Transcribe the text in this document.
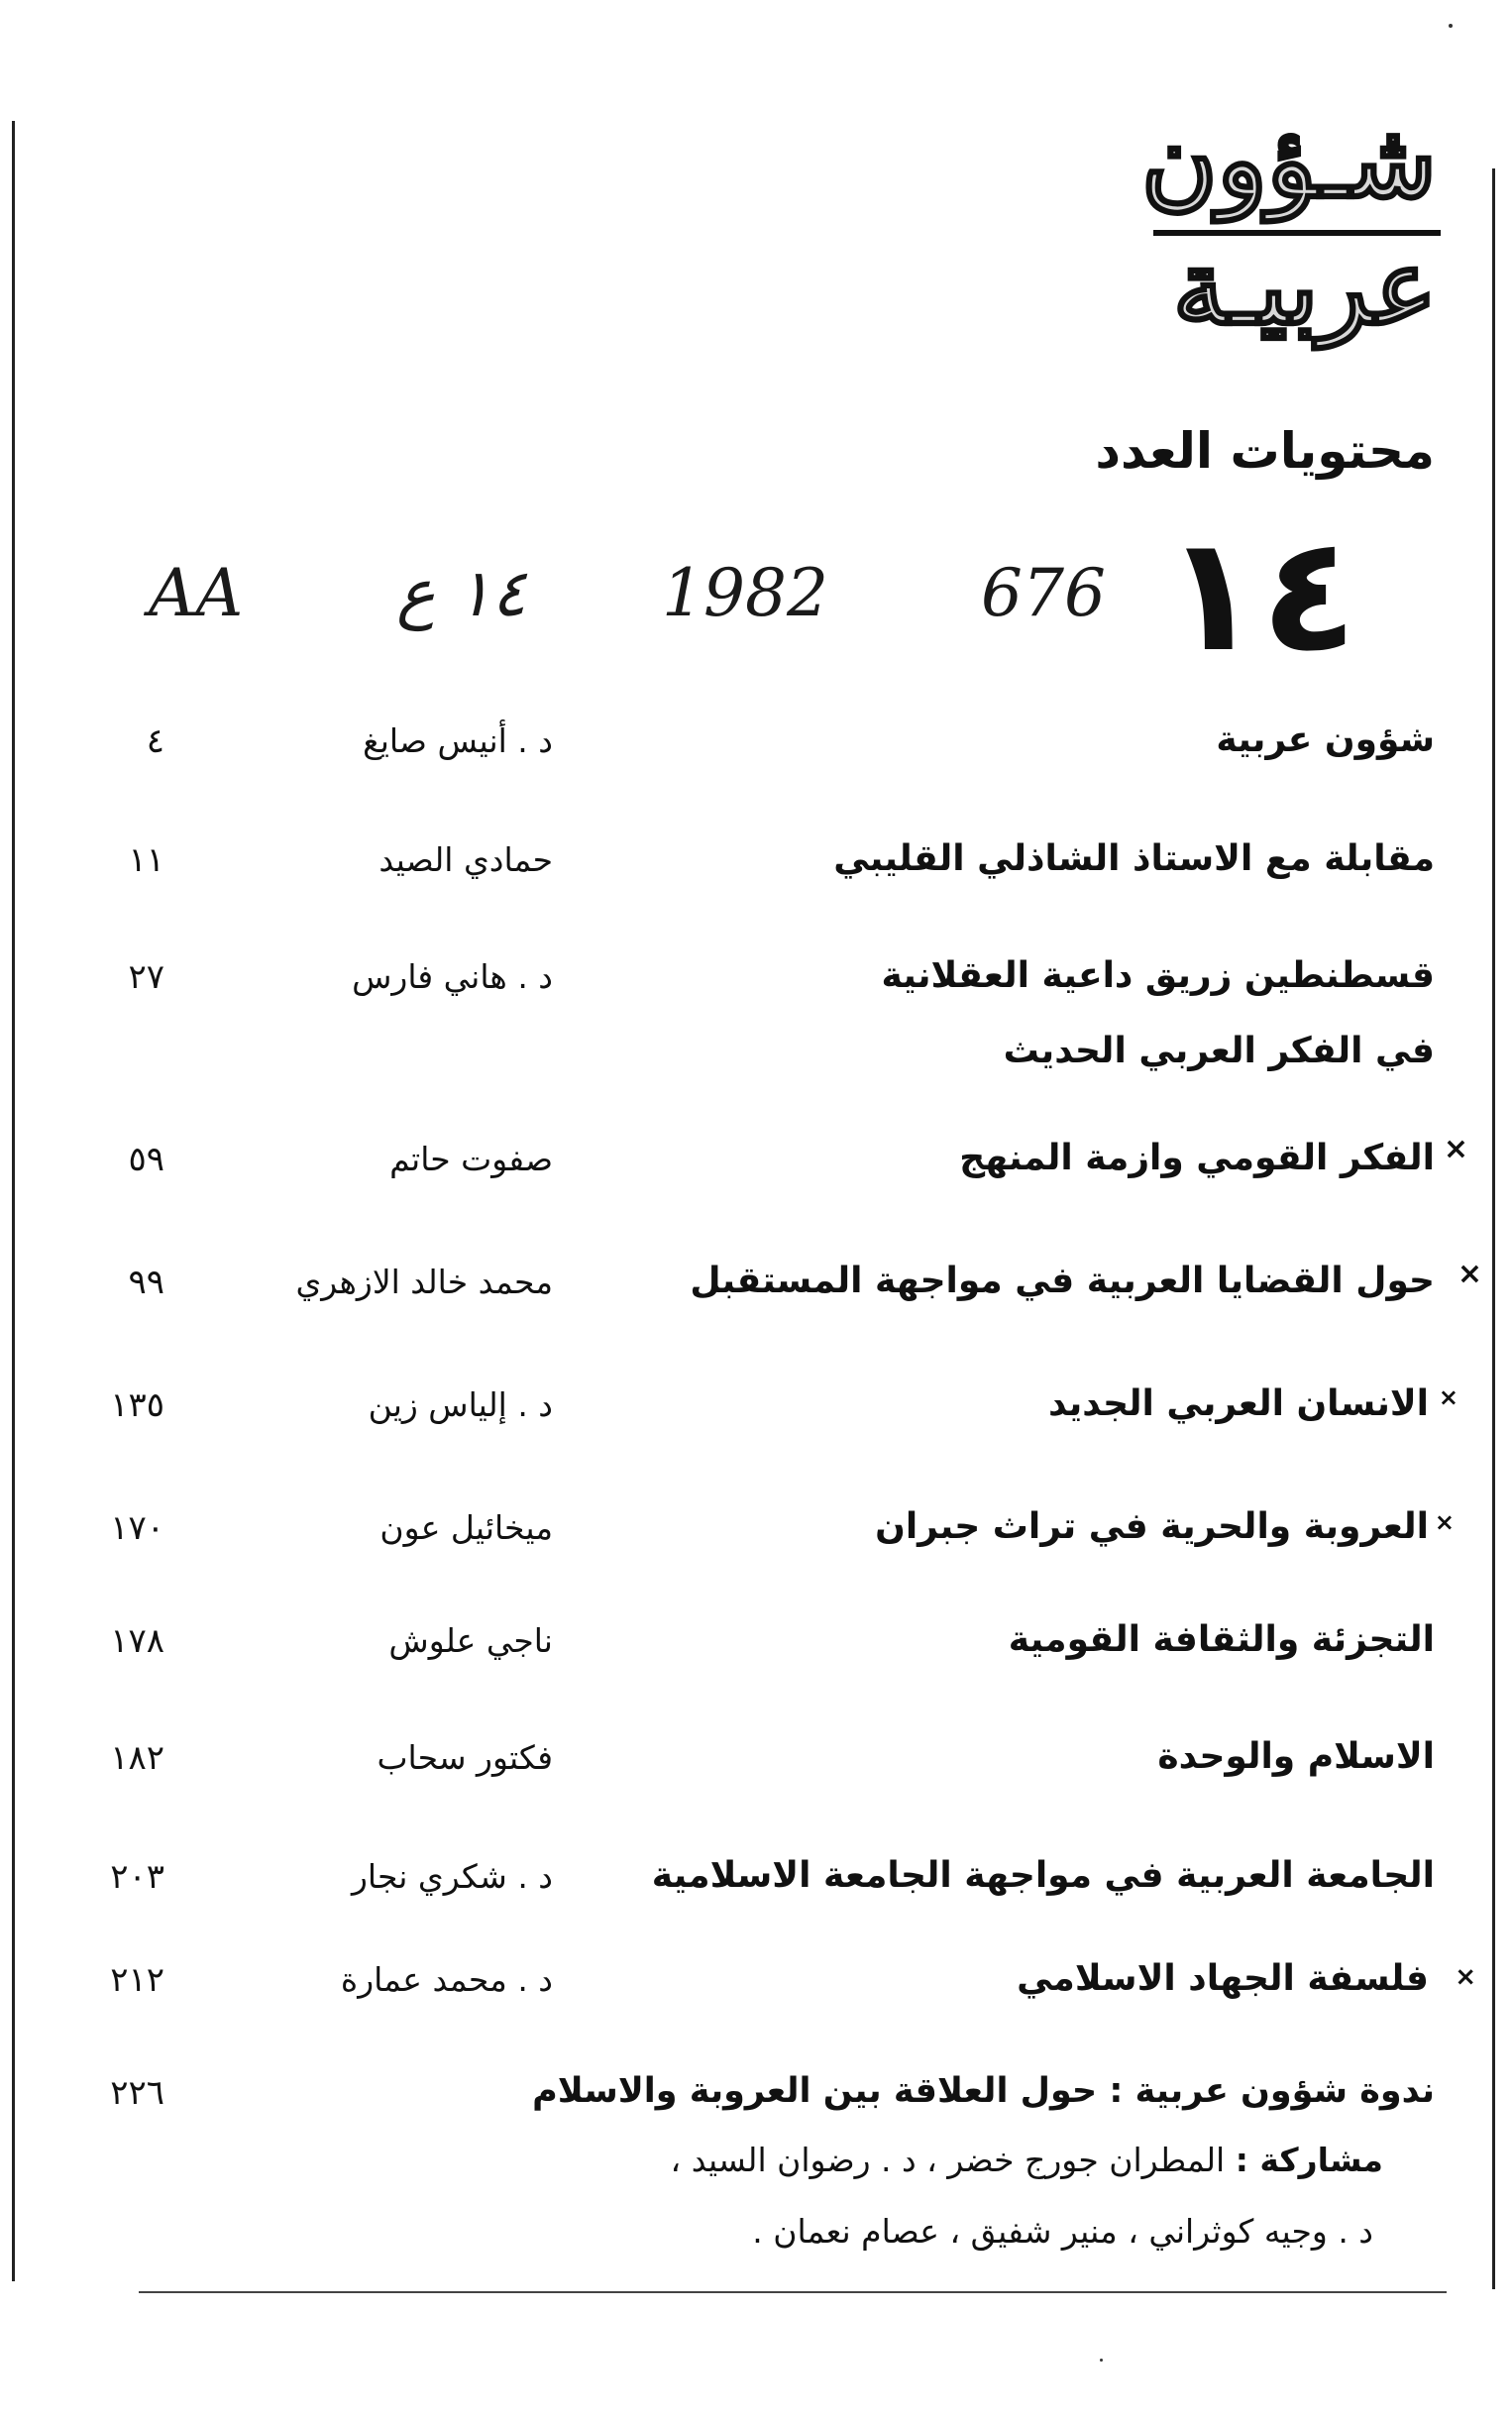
شـؤون
عربيـة
محتويات العدد
AA ١٤ ع 1982 676 ١٤
شؤون عربية
د . أنيس صايغ
٤
مقابلة مع الاستاذ الشاذلي القليبي
حمادي الصيد
١١
قسطنطين زريق داعية العقلانية
في الفكر العربي الحديث
د . هاني فارس
٢٧
×
الفكر القومي وازمة المنهج
صفوت حاتم
٥٩
×
حول القضايا العربية في مواجهة المستقبل
محمد خالد الازهري
٩٩
×
الانسان العربي الجديد
د . إلياس زين
١٣٥
×
العروبة والحرية في تراث جبران
ميخائيل عون
١٧٠
التجزئة والثقافة القومية
ناجي علوش
١٧٨
الاسلام والوحدة
فكتور سحاب
١٨٢
الجامعة العربية في مواجهة الجامعة الاسلامية
د . شكري نجار
٢٠٣
×
فلسفة الجهاد الاسلامي
د . محمد عمارة
٢١٢
ندوة شؤون عربية : حول العلاقة بين العروبة والاسلام
٢٢٦
مشاركة : المطران جورج خضر ، د . رضوان السيد ،
د . وجيه كوثراني ، منير شفيق ، عصام نعمان .
